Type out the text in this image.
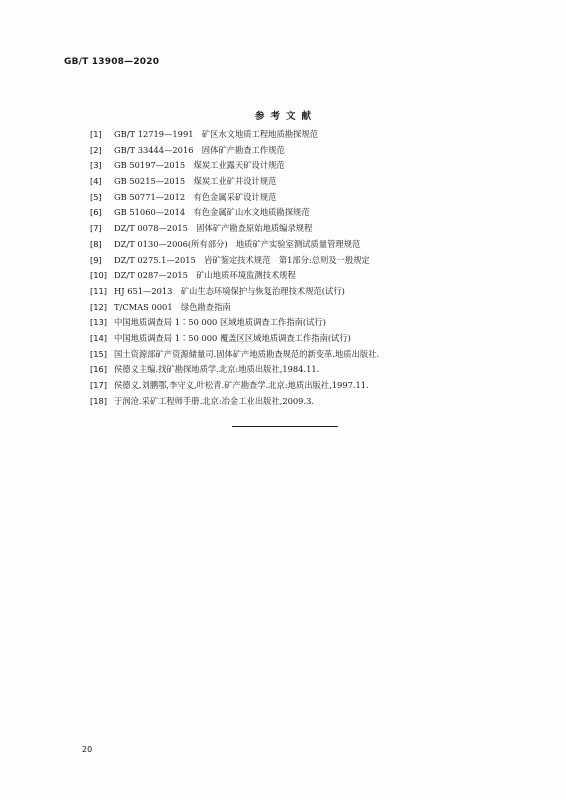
GB/T 13908—2020
参考文献
[1]	GB/T 12719—1991　矿区水文地质工程地质勘探规范
[2]	GB/T 33444—2016　固体矿产勘查工作规范
[3]	GB 50197—2015　煤炭工业露天矿设计规范
[4]	GB 50215—2015　煤炭工业矿井设计规范
[5]	GB 50771—2012　有色金属采矿设计规范
[6]	GB 51060—2014　有色金属矿山水文地质勘探规范
[7]	DZ/T 0078—2015　固体矿产勘查原始地质编录规程
[8]	DZ/T 0130—2006(所有部分)　地质矿产实验室测试质量管理规范
[9]	DZ/T 0275.1—2015　岩矿鉴定技术规范　第1部分:总则及一般规定
[10] DZ/T 0287—2015　矿山地质环境监测技术规程
[11] HJ 651—2013　矿山生态环境保护与恢复治理技术规范(试行)
[12] T/CMAS 0001　绿色勘查指南
[13] 中国地质调查局 1∶50 000 区域地质调查工作指南(试行)
[14] 中国地质调查局 1∶50 000 覆盖区区域地质调查工作指南(试行)
[15] 国土资源部矿产资源储量司.固体矿产地质勘查规范的新变革.地质出版社.
[16] 侯德义主编.找矿勘探地质学.北京:地质出版社,1984.11.
[17] 侯德义,刘鹏鄂,李守义,叶松青.矿产勘查学.北京:地质出版社,1997.11.
[18] 于润沧.采矿工程师手册.北京:冶金工业出版社,2009.3.
20
